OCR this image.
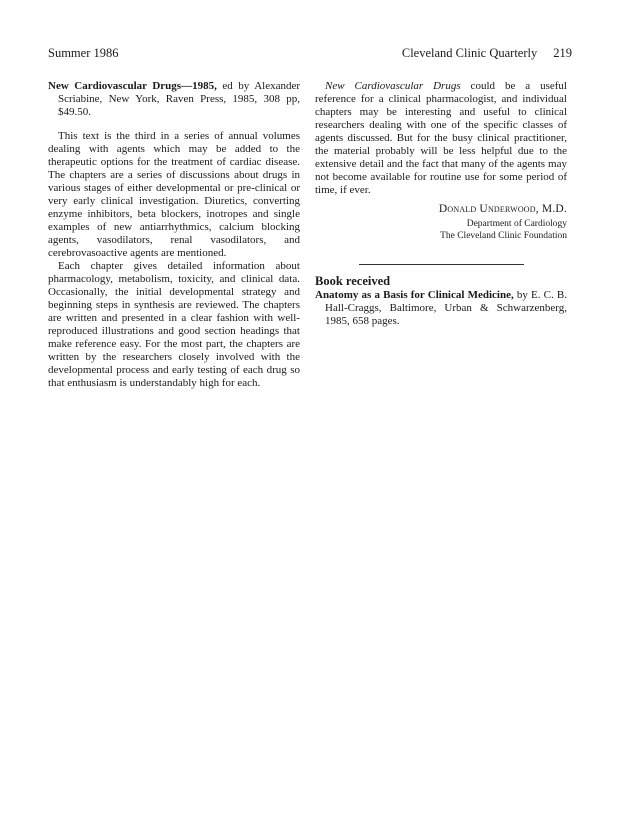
Summer 1986	Cleveland Clinic Quarterly 219

New Cardiovascular Drugs—1985, ed by Alexander Scriabine, New York, Raven Press, 1985, 308 pp, $49.50.

This text is the third in a series of annual volumes dealing with agents which may be added to the therapeutic options for the treatment of cardiac disease. The chapters are a series of discussions about drugs in various stages of either developmental or pre-clinical or very early clinical investigation. Diuretics, converting enzyme inhibitors, beta blockers, inotropes and single examples of new antiarrhythmics, calcium blocking agents, vasodilators, renal vasodilators, and cerebrovasoactive agents are mentioned.

Each chapter gives detailed information about pharmacology, metabolism, toxicity, and clinical data. Occasionally, the initial developmental strategy and beginning steps in synthesis are reviewed. The chapters are written and presented in a clear fashion with well-reproduced illustrations and good section headings that make reference easy. For the most part, the chapters are written by the researchers closely involved with the developmental process and early testing of each drug so that enthusiasm is understandably high for each.

New Cardiovascular Drugs could be a useful reference for a clinical pharmacologist, and individual chapters may be interesting and useful to clinical researchers dealing with one of the specific classes of agents discussed. But for the busy clinical practitioner, the material probably will be less helpful due to the extensive detail and the fact that many of the agents may not become available for routine use for some period of time, if ever.

Donald Underwood, M.D.

Department of Cardiology

The Cleveland Clinic Foundation

Book received

Anatomy as a Basis for Clinical Medicine, by E. C. B. Hall-Craggs, Baltimore, Urban & Schwarzenberg, 1985, 658 pages.
